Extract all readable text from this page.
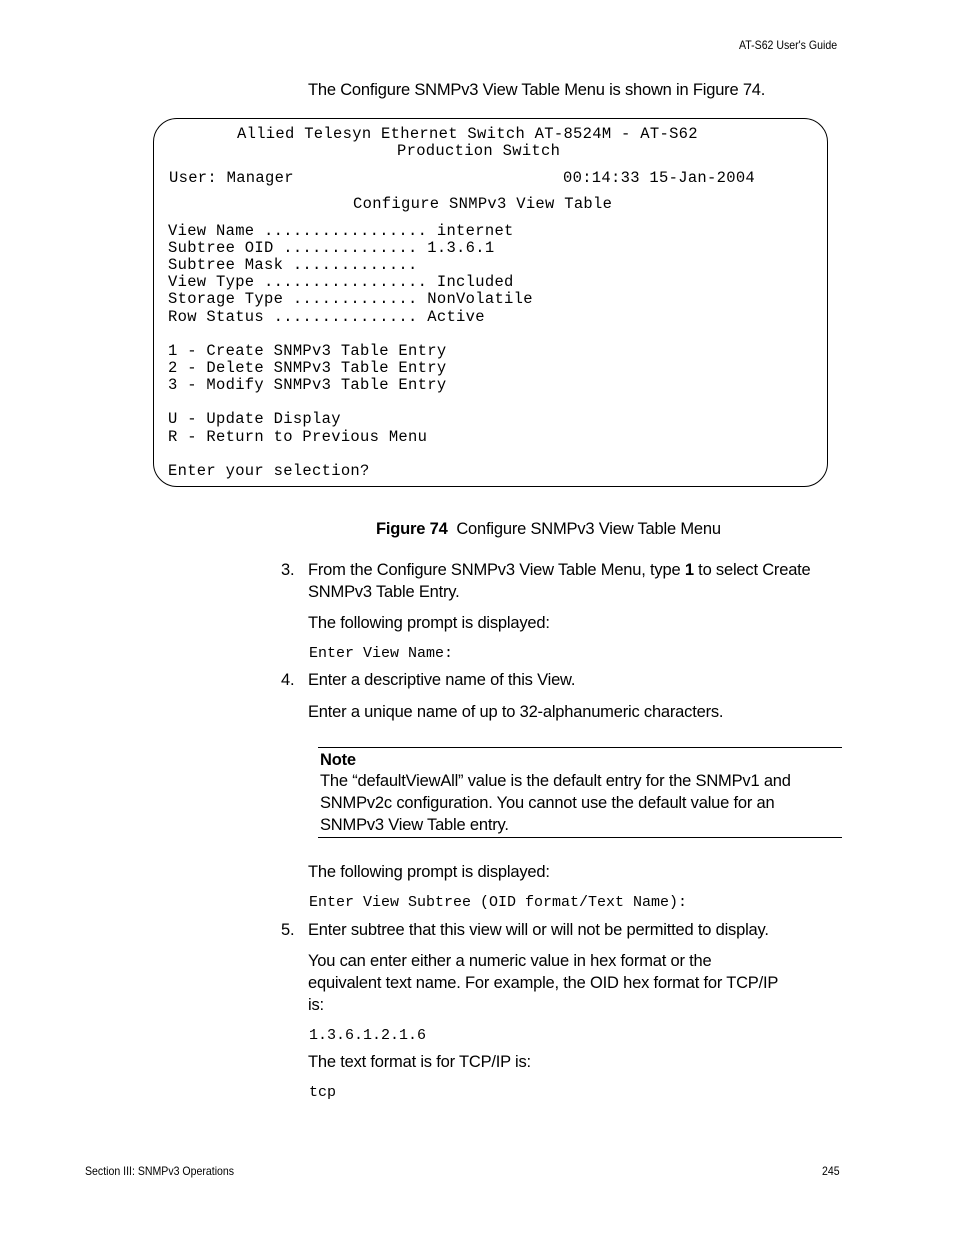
AT-S62 User's Guide
The Configure SNMPv3 View Table Menu is shown in Figure 74.
Allied Telesyn Ethernet Switch AT-8524M - AT-S62
Production Switch
User: Manager	00:14:33 15-Jan-2004
Configure SNMPv3 View Table
View Name ................. internet
Subtree OID .............. 1.3.6.1
Subtree Mask .............
View Type ................. Included
Storage Type ............. NonVolatile
Row Status ............... Active
1 - Create SNMPv3 Table Entry
2 - Delete SNMPv3 Table Entry
3 - Modify SNMPv3 Table Entry
U - Update Display
R - Return to Previous Menu
Enter your selection?
Figure 74 Configure SNMPv3 View Table Menu
3. From the Configure SNMPv3 View Table Menu, type 1 to select Create
SNMPv3 Table Entry.
The following prompt is displayed:
Enter View Name:
4. Enter a descriptive name of this View.
Enter a unique name of up to 32-alphanumeric characters.
Note
The “defaultViewAll” value is the default entry for the SNMPv1 and
SNMPv2c configuration. You cannot use the default value for an
SNMPv3 View Table entry.
The following prompt is displayed:
Enter View Subtree (OID format/Text Name):
5. Enter subtree that this view will or will not be permitted to display.
You can enter either a numeric value in hex format or the
equivalent text name. For example, the OID hex format for TCP/IP
is:
1.3.6.1.2.1.6
The text format is for TCP/IP is:
tcp
Section III: SNMPv3 Operations	245
